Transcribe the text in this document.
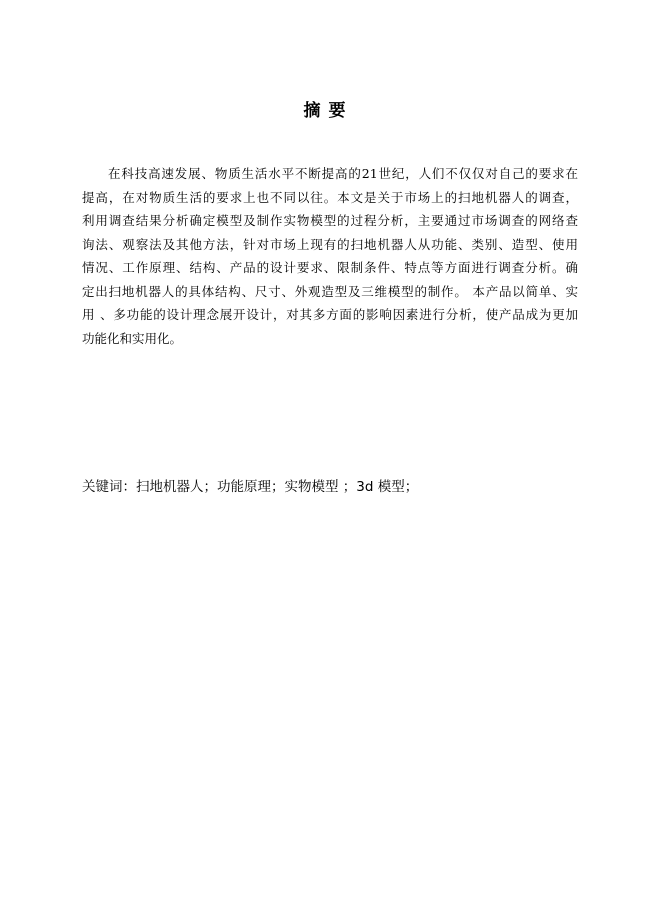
摘 要

在科技高速发展、物质生活水平不断提高的21世纪，人们不仅仅对自己的要求在
提高，在对物质生活的要求上也不同以往。本文是关于市场上的扫地机器人的调查，
利用调查结果分析确定模型及制作实物模型的过程分析，主要通过市场调查的网络查
询法、观察法及其他方法，针对市场上现有的扫地机器人从功能、类别、造型、使用
情况、工作原理、结构、产品的设计要求、限制条件、特点等方面进行调查分析。确
定出扫地机器人的具体结构、尺寸、外观造型及三维模型的制作。 本产品以简单、实
用 、多功能的设计理念展开设计，对其多方面的影响因素进行分析，使产品成为更加
功能化和实用化。

关键词：扫地机器人；功能原理；实物模型 ；3d 模型；
